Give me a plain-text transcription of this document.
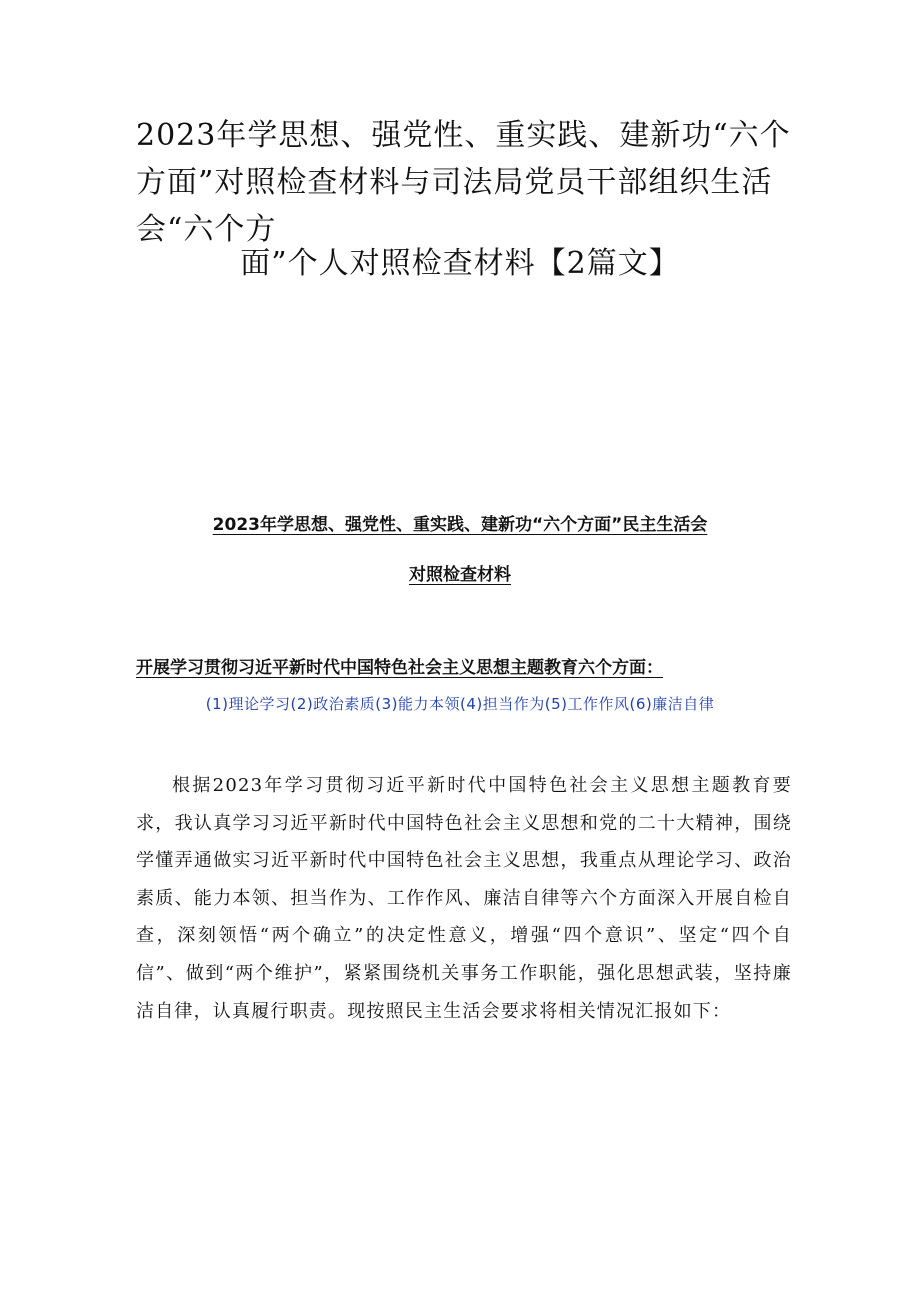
2023年学思想、强党性、重实践、建新功“六个方面”对照检查材料与司法局党员干部组织生活会“六个方
面”个人对照检查材料【2篇文】
2023年学思想、强党性、重实践、建新功“六个方面”民主生活会
对照检查材料

开展学习贯彻习近平新时代中国特色社会主义思想主题教育六个方面：

(1)理论学习(2)政治素质(3)能力本领(4)担当作为(5)工作作风(6)廉洁自律

根据2023年学习贯彻习近平新时代中国特色社会主义思想主题教育要求，我认真学习习近平新时代中国特色社会主义思想和党的二十大精神，围绕学懂弄通做实习近平新时代中国特色社会主义思想，我重点从理论学习、政治素质、能力本领、担当作为、工作作风、廉洁自律等六个方面深入开展自检自查，深刻领悟“两个确立”的决定性意义，增强“四个意识”、坚定“四个自信”、做到“两个维护”，紧紧围绕机关事务工作职能，强化思想武装，坚持廉洁自律，认真履行职责。现按照民主生活会要求将相关情况汇报如下：
